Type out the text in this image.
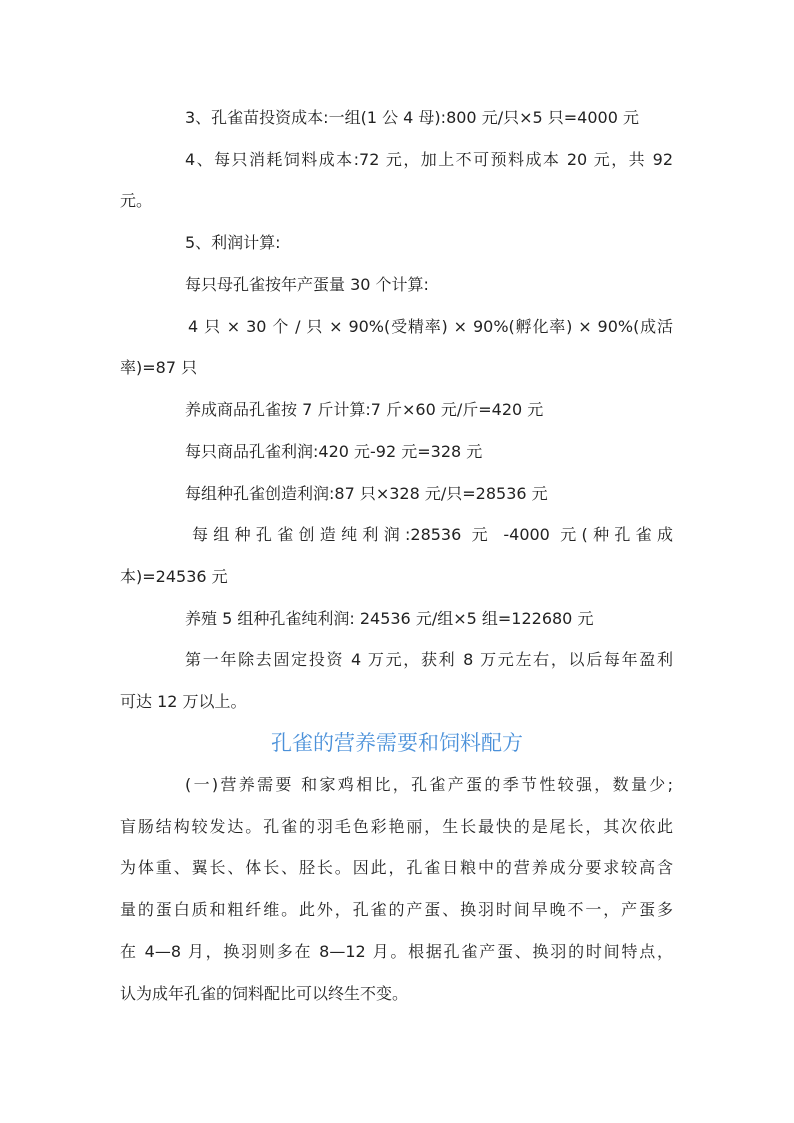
3、孔雀苗投资成本:一组(1 公 4 母):800 元/只×5 只=4000 元
4、每只消耗饲料成本:72 元，加上不可预料成本 20 元，共 92
元。
5、利润计算:
每只母孔雀按年产蛋量 30 个计算:
4 只 × 30 个 / 只 × 90%(受精率) × 90%(孵化率) × 90%(成活
率)=87 只
养成商品孔雀按 7 斤计算:7 斤×60 元/斤=420 元
每只商品孔雀利润:420 元-92 元=328 元
每组种孔雀创造利润:87 只×328 元/只=28536 元
每组种孔雀创造纯利润:28536 元 -4000 元(种孔雀成
本)=24536 元
养殖 5 组种孔雀纯利润: 24536 元/组×5 组=122680 元
第一年除去固定投资 4 万元，获利 8 万元左右，以后每年盈利
可达 12 万以上。
孔雀的营养需要和饲料配方
(一)营养需要 和家鸡相比，孔雀产蛋的季节性较强，数量少;
盲肠结构较发达。孔雀的羽毛色彩艳丽，生长最快的是尾长，其次依此
为体重、翼长、体长、胫长。因此，孔雀日粮中的营养成分要求较高含
量的蛋白质和粗纤维。此外，孔雀的产蛋、换羽时间早晚不一，产蛋多
在 4—8 月，换羽则多在 8—12 月。根据孔雀产蛋、换羽的时间特点，
认为成年孔雀的饲料配比可以终生不变。
